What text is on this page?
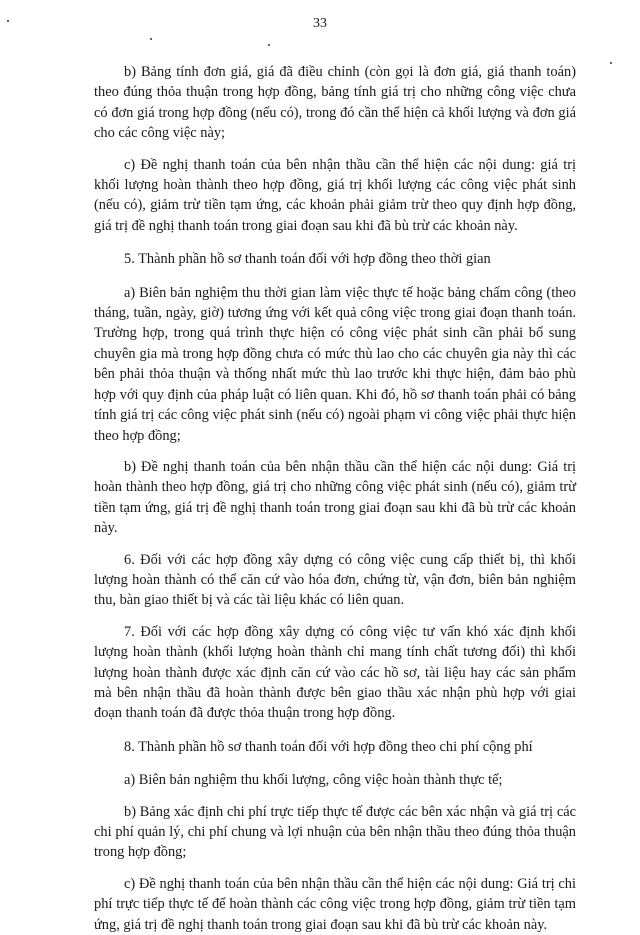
33

b) Bảng tính đơn giá, giá đã điều chỉnh (còn gọi là đơn giá, giá thanh toán) theo đúng thỏa thuận trong hợp đồng, bảng tính giá trị cho những công việc chưa có đơn giá trong hợp đồng (nếu có), trong đó cần thể hiện cả khối lượng và đơn giá cho các công việc này;

c) Đề nghị thanh toán của bên nhận thầu cần thể hiện các nội dung: giá trị khối lượng hoàn thành theo hợp đồng, giá trị khối lượng các công việc phát sinh (nếu có), giảm trừ tiền tạm ứng, các khoản phải giảm trừ theo quy định hợp đồng, giá trị đề nghị thanh toán trong giai đoạn sau khi đã bù trừ các khoản này.

5. Thành phần hồ sơ thanh toán đối với hợp đồng theo thời gian

a) Biên bản nghiệm thu thời gian làm việc thực tế hoặc bảng chấm công (theo tháng, tuần, ngày, giờ) tương ứng với kết quả công việc trong giai đoạn thanh toán. Trường hợp, trong quá trình thực hiện có công việc phát sinh cần phải bổ sung chuyên gia mà trong hợp đồng chưa có mức thù lao cho các chuyên gia này thì các bên phải thỏa thuận và thống nhất mức thù lao trước khi thực hiện, đảm bảo phù hợp với quy định của pháp luật có liên quan. Khi đó, hồ sơ thanh toán phải có bảng tính giá trị các công việc phát sinh (nếu có) ngoài phạm vi công việc phải thực hiện theo hợp đồng;

b) Đề nghị thanh toán của bên nhận thầu cần thể hiện các nội dung: Giá trị hoàn thành theo hợp đồng, giá trị cho những công việc phát sinh (nếu có), giảm trừ tiền tạm ứng, giá trị đề nghị thanh toán trong giai đoạn sau khi đã bù trừ các khoản này.

6. Đối với các hợp đồng xây dựng có công việc cung cấp thiết bị, thì khối lượng hoàn thành có thể căn cứ vào hóa đơn, chứng từ, vận đơn, biên bản nghiệm thu, bàn giao thiết bị và các tài liệu khác có liên quan.

7. Đối với các hợp đồng xây dựng có công việc tư vấn khó xác định khối lượng hoàn thành (khối lượng hoàn thành chỉ mang tính chất tương đối) thì khối lượng hoàn thành được xác định căn cứ vào các hồ sơ, tài liệu hay các sản phẩm mà bên nhận thầu đã hoàn thành được bên giao thầu xác nhận phù hợp với giai đoạn thanh toán đã được thỏa thuận trong hợp đồng.

8. Thành phần hồ sơ thanh toán đối với hợp đồng theo chi phí cộng phí

a) Biên bản nghiệm thu khối lượng, công việc hoàn thành thực tế;

b) Bảng xác định chi phí trực tiếp thực tế được các bên xác nhận và giá trị các chi phí quản lý, chi phí chung và lợi nhuận của bên nhận thầu theo đúng thỏa thuận trong hợp đồng;

c) Đề nghị thanh toán của bên nhận thầu cần thể hiện các nội dung: Giá trị chi phí trực tiếp thực tế để hoàn thành các công việc trong hợp đồng, giảm trừ tiền tạm ứng, giá trị đề nghị thanh toán trong giai đoạn sau khi đã bù trừ các khoản này.
